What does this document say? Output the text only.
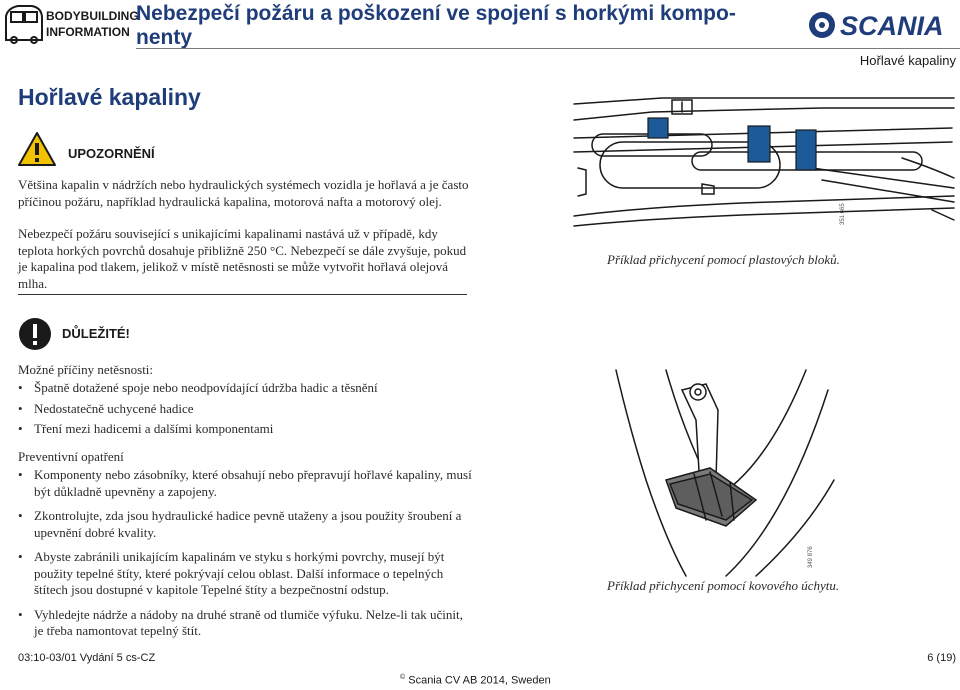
BODYBUILDING
INFORMATION
Nebezpečí požáru a poškození ve spojení s horkými kompo- nenty	SCANIA
Hořlavé kapaliny
Hořlavé kapaliny
UPOZORNĚNÍ
Většina kapalin v nádržích nebo hydraulických systémech vozidla je hořlavá a je často příčinou požáru, například hydraulická kapalina, motorová nafta a motorový olej.
Nebezpečí požáru související s unikajícími kapalinami nastává už v případě, kdy teplota horkých povrchů dosahuje přibližně 250 °C. Nebezpečí se dále zvyšuje, pokud je kapalina pod tlakem, jelikož v místě netěsnosti se může vytvořit hořlavá olejová mlha.
DŮLEŽITÉ!
Možné příčiny netěsnosti:
• Špatně dotažené spoje nebo neodpovídající údržba hadic a těsnění
• Nedostatečně uchycené hadice
• Tření mezi hadicemi a dalšími komponentami
Preventivní opatření
• Komponenty nebo zásobníky, které obsahují nebo přepravují hořlavé kapaliny, musí být důkladně upevněny a zapojeny.
• Zkontrolujte, zda jsou hydraulické hadice pevně utaženy a jsou použity šroubení a upevnění dobré kvality.
• Abyste zabránili unikajícím kapalinám ve styku s horkými povrchy, musejí být použity tepelné štíty, které pokrývají celou oblast. Další informace o tepelných štítech jsou dostupné v kapitole Tepelné štíty a bezpečnostní odstup.
• Vyhledejte nádrže a nádoby na druhé straně od tlumiče výfuku. Nelze-li tak učinit, je třeba namontovat tepelný štít.
351 665
Příklad přichycení pomocí plastových bloků.
349 876
Příklad přichycení pomocí kovového úchytu.
03:10-03/01 Vydání 5 cs-CZ	6 (19)
© Scania CV AB 2014, Sweden
